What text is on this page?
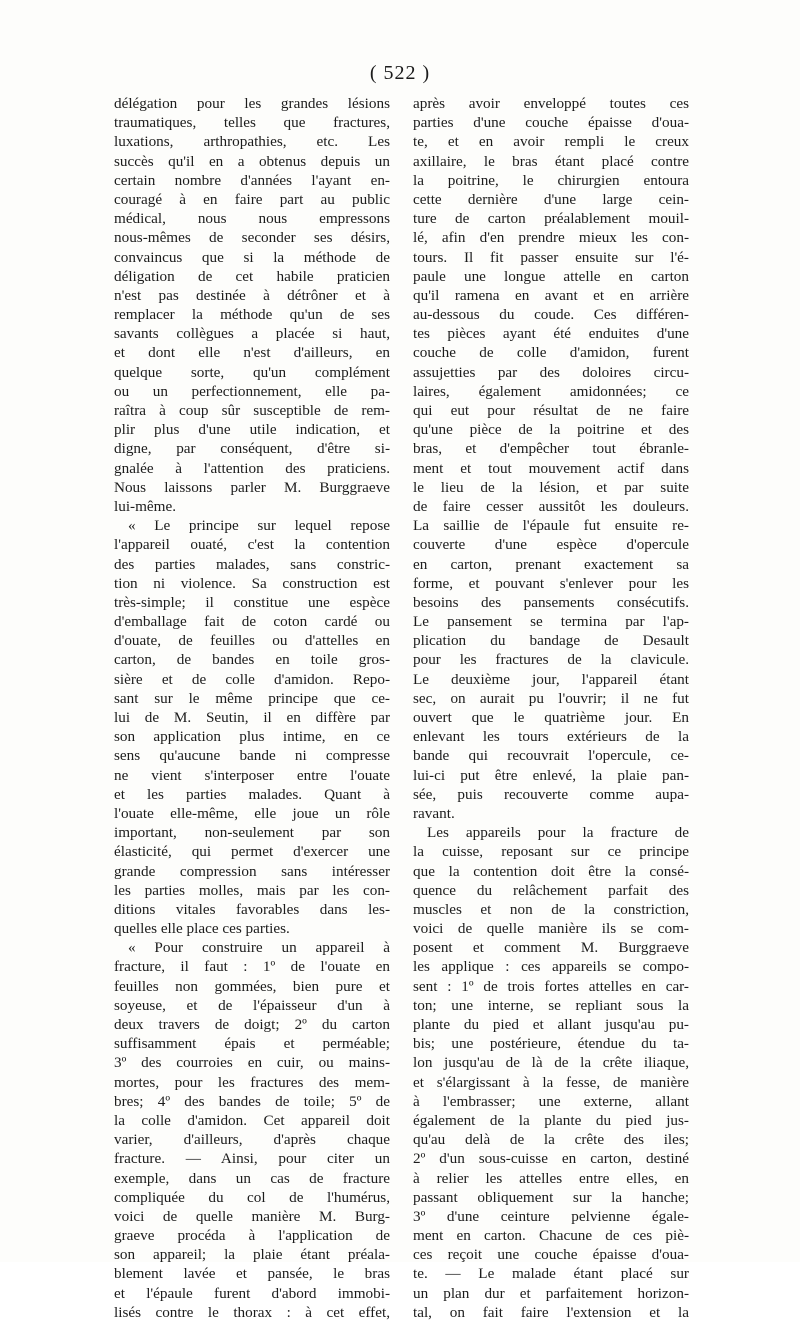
( 522 )
délégation pour les grandes lésions
traumatiques, telles que fractures,
luxations, arthropathies, etc. Les
succès qu'il en a obtenus depuis un
certain nombre d'années l'ayant en-
couragé à en faire part au public
médical, nous nous empressons
nous-mêmes de seconder ses désirs,
convaincus que si la méthode de
déligation de cet habile praticien
n'est pas destinée à détrôner et à
remplacer la méthode qu'un de ses
savants collègues a placée si haut,
et dont elle n'est d'ailleurs, en
quelque sorte, qu'un complément
ou un perfectionnement, elle pa-
raîtra à coup sûr susceptible de rem-
plir plus d'une utile indication, et
digne, par conséquent, d'être si-
gnalée à l'attention des praticiens.
Nous laissons parler M. Burggraeve
lui-même.
« Le principe sur lequel repose
l'appareil ouaté, c'est la contention
des parties malades, sans constric-
tion ni violence. Sa construction est
très-simple; il constitue une espèce
d'emballage fait de coton cardé ou
d'ouate, de feuilles ou d'attelles en
carton, de bandes en toile gros-
sière et de colle d'amidon. Repo-
sant sur le même principe que ce-
lui de M. Seutin, il en diffère par
son application plus intime, en ce
sens qu'aucune bande ni compresse
ne vient s'interposer entre l'ouate
et les parties malades. Quant à
l'ouate elle-même, elle joue un rôle
important, non-seulement par son
élasticité, qui permet d'exercer une
grande compression sans intéresser
les parties molles, mais par les con-
ditions vitales favorables dans les-
quelles elle place ces parties.
« Pour construire un appareil à
fracture, il faut : 1º de l'ouate en
feuilles non gommées, bien pure et
soyeuse, et de l'épaisseur d'un à
deux travers de doigt; 2º du carton
suffisamment épais et perméable;
3º des courroies en cuir, ou mains-
mortes, pour les fractures des mem-
bres; 4º des bandes de toile; 5º de
la colle d'amidon. Cet appareil doit
varier, d'ailleurs, d'après chaque
fracture. — Ainsi, pour citer un
exemple, dans un cas de fracture
compliquée du col de l'humérus,
voici de quelle manière M. Burg-
graeve procéda à l'application de
son appareil; la plaie étant préala-
blement lavée et pansée, le bras
et l'épaule furent d'abord immobi-
lisés contre le thorax : à cet effet,
après avoir enveloppé toutes ces
parties d'une couche épaisse d'oua-
te, et en avoir rempli le creux
axillaire, le bras étant placé contre
la poitrine, le chirurgien entoura
cette dernière d'une large cein-
ture de carton préalablement mouil-
lé, afin d'en prendre mieux les con-
tours. Il fit passer ensuite sur l'é-
paule une longue attelle en carton
qu'il ramena en avant et en arrière
au-dessous du coude. Ces différen-
tes pièces ayant été enduites d'une
couche de colle d'amidon, furent
assujetties par des doloires circu-
laires, également amidonnées; ce
qui eut pour résultat de ne faire
qu'une pièce de la poitrine et des
bras, et d'empêcher tout ébranle-
ment et tout mouvement actif dans
le lieu de la lésion, et par suite
de faire cesser aussitôt les douleurs.
La saillie de l'épaule fut ensuite re-
couverte d'une espèce d'opercule
en carton, prenant exactement sa
forme, et pouvant s'enlever pour les
besoins des pansements consécutifs.
Le pansement se termina par l'ap-
plication du bandage de Desault
pour les fractures de la clavicule.
Le deuxième jour, l'appareil étant
sec, on aurait pu l'ouvrir; il ne fut
ouvert que le quatrième jour. En
enlevant les tours extérieurs de la
bande qui recouvrait l'opercule, ce-
lui-ci put être enlevé, la plaie pan-
sée, puis recouverte comme aupa-
ravant.
Les appareils pour la fracture de
la cuisse, reposant sur ce principe
que la contention doit être la consé-
quence du relâchement parfait des
muscles et non de la constriction,
voici de quelle manière ils se com-
posent et comment M. Burggraeve
les applique : ces appareils se compo-
sent : 1º de trois fortes attelles en car-
ton; une interne, se repliant sous la
plante du pied et allant jusqu'au pu-
bis; une postérieure, étendue du ta-
lon jusqu'au de là de la crête iliaque,
et s'élargissant à la fesse, de manière
à l'embrasser; une externe, allant
également de la plante du pied jus-
qu'au delà de la crête des iles;
2º d'un sous-cuisse en carton, destiné
à relier les attelles entre elles, en
passant obliquement sur la hanche;
3º d'une ceinture pelvienne égale-
ment en carton. Chacune de ces piè-
ces reçoit une couche épaisse d'oua-
te. — Le malade étant placé sur
un plan dur et parfaitement horizon-
tal, on fait faire l'extension et la
